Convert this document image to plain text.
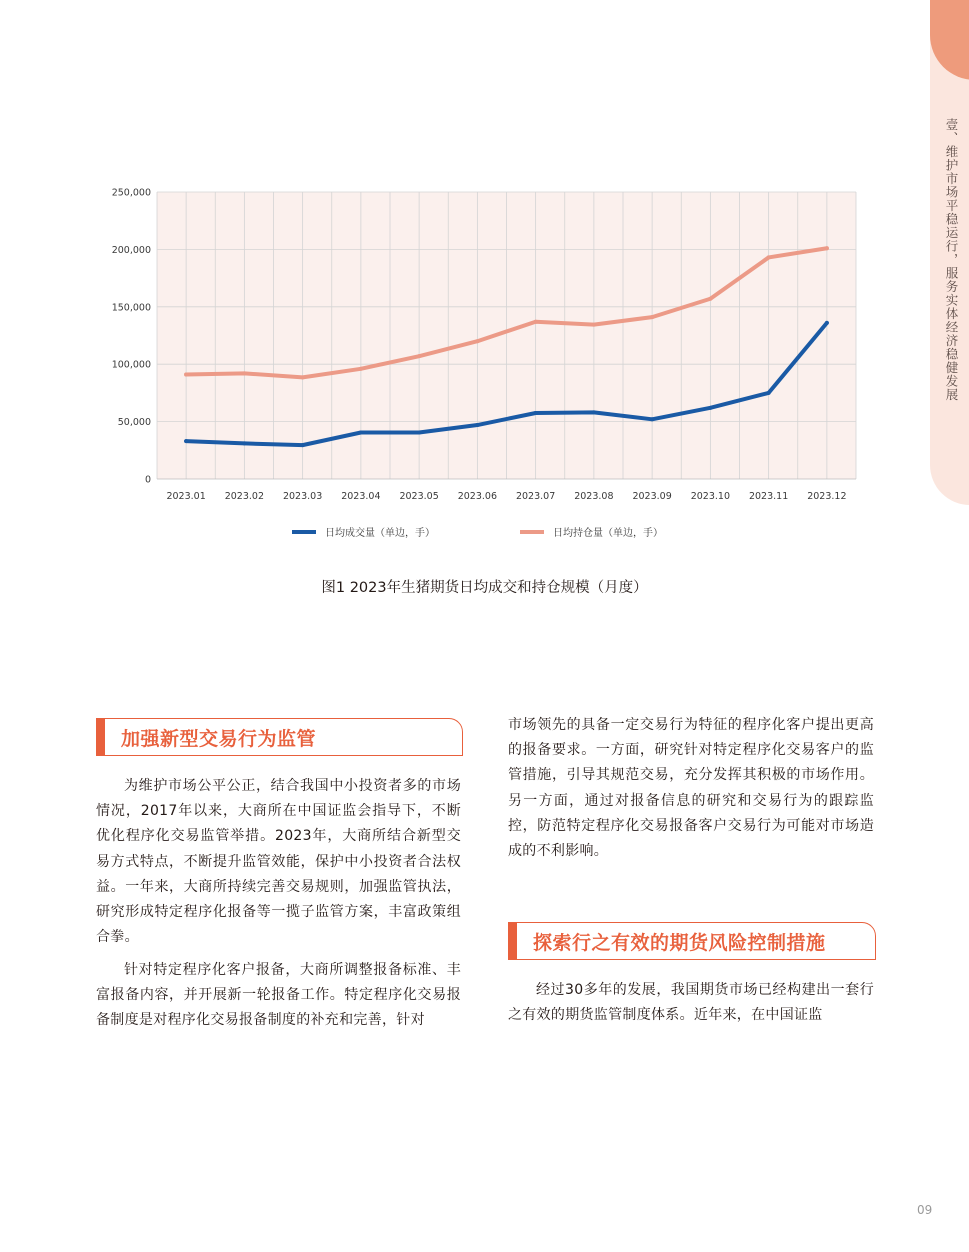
壹、维护市场平稳运行，服务实体经济稳健发展
0
50,000
100,000
150,000
200,000
250,000
2023.01 2023.02 2023.03 2023.04 2023.05 2023.06 2023.07 2023.08 2023.09 2023.10 2023.11 2023.12
日均成交量（单边，手）	日均持仓量（单边，手）
图1 2023年生猪期货日均成交和持仓规模（月度）
加强新型交易行为监管
为维护市场公平公正，结合我国中小投资者多的市场情况，2017年以来，大商所在中国证监会指导下，不断优化程序化交易监管举措。2023年，大商所结合新型交易方式特点，不断提升监管效能，保护中小投资者合法权益。一年来，大商所持续完善交易规则，加强监管执法，研究形成特定程序化报备等一揽子监管方案，丰富政策组合拳。
针对特定程序化客户报备，大商所调整报备标准、丰富报备内容，并开展新一轮报备工作。特定程序化交易报备制度是对程序化交易报备制度的补充和完善，针对
市场领先的具备一定交易行为特征的程序化客户提出更高的报备要求。一方面，研究针对特定程序化交易客户的监管措施，引导其规范交易，充分发挥其积极的市场作用。另一方面，通过对报备信息的研究和交易行为的跟踪监控，防范特定程序化交易报备客户交易行为可能对市场造成的不利影响。
探索行之有效的期货风险控制措施
经过30多年的发展，我国期货市场已经构建出一套行之有效的期货监管制度体系。近年来，在中国证监
09
